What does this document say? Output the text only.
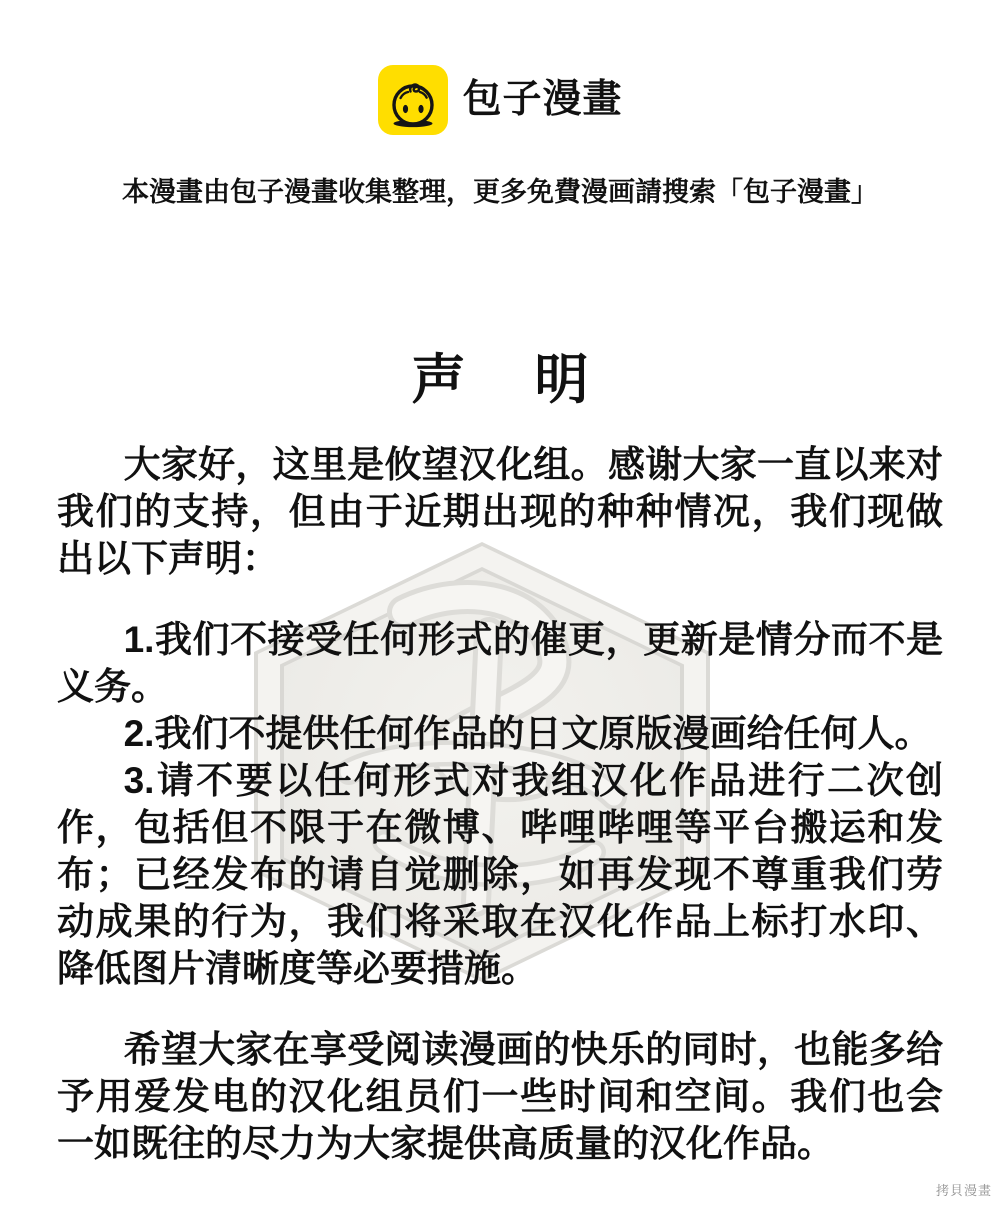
包子漫畫

本漫畫由包子漫畫收集整理，更多免費漫画請搜索「包子漫畫」

声 明

大家好，这里是攸望汉化组。感谢大家一直以来对我们的支持，但由于近期出现的种种情况，我们现做出以下声明：

1.我们不接受任何形式的催更，更新是情分而不是义务。

2.我们不提供任何作品的日文原版漫画给任何人。

3.请不要以任何形式对我组汉化作品进行二次创作，包括但不限于在微博、哔哩哔哩等平台搬运和发布；已经发布的请自觉删除，如再发现不尊重我们劳动成果的行为，我们将采取在汉化作品上标打水印、降低图片清晰度等必要措施。

希望大家在享受阅读漫画的快乐的同时，也能多给予用爱发电的汉化组员们一些时间和空间。我们也会一如既往的尽力为大家提供高质量的汉化作品。

拷貝漫畫
